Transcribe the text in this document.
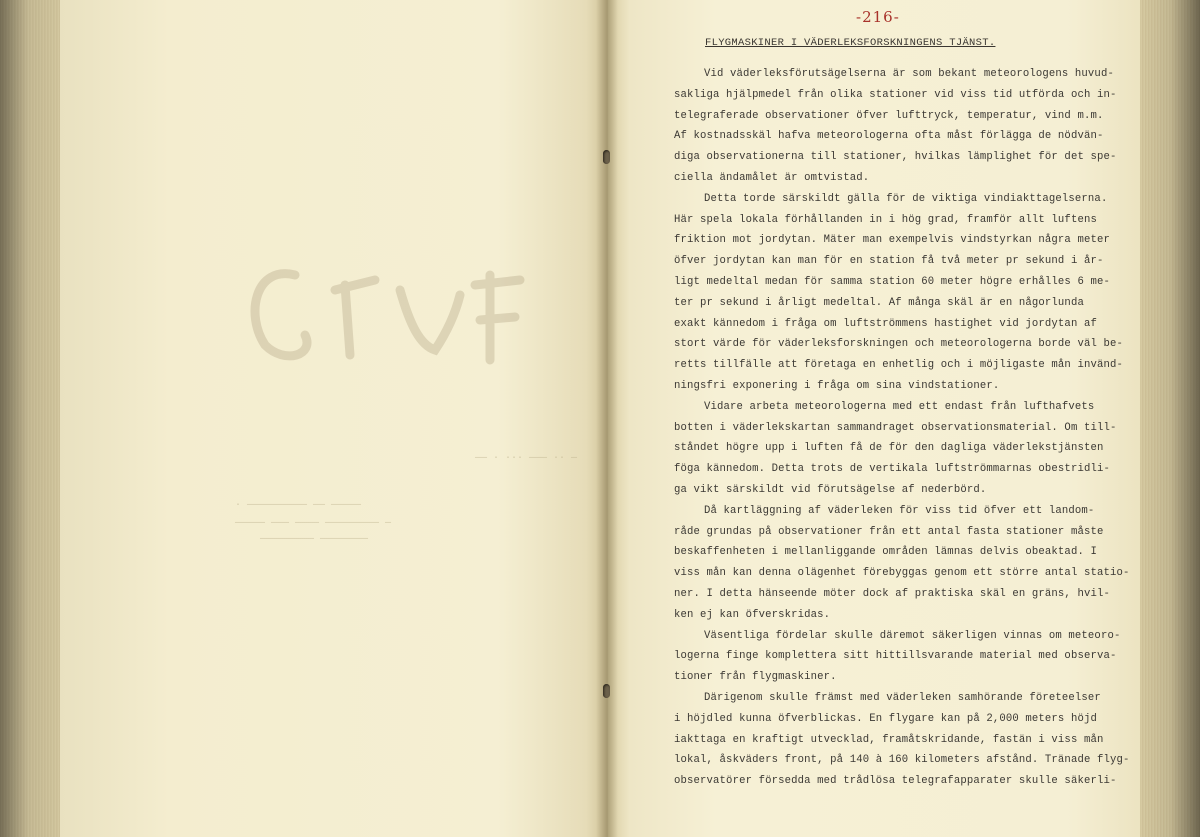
— ·· ——— ··· · ——
————— —— —————————— ·
— ————————— ———— ——— —————
———————— —————————
-216-
FLYGMASKINER I VÄDERLEKSFORSKNINGENS TJÄNST.
Vid väderleksförutsägelserna är som bekant meteorologens huvud-
sakliga hjälpmedel från olika stationer vid viss tid utförda och in-
telegraferade observationer öfver lufttryck, temperatur, vind m.m.
Af kostnadsskäl hafva meteorologerna ofta måst förlägga de nödvän-
diga observationerna till stationer, hvilkas lämplighet för det spe-
ciella ändamålet är omtvistad.
Detta torde särskildt gälla för de viktiga vindiakttagelserna.
Här spela lokala förhållanden in i hög grad, framför allt luftens
friktion mot jordytan. Mäter man exempelvis vindstyrkan några meter
öfver jordytan kan man för en station få två meter pr sekund i år-
ligt medeltal medan för samma station 60 meter högre erhålles 6 me-
ter pr sekund i årligt medeltal. Af många skäl är en någorlunda
exakt kännedom i fråga om luftströmmens hastighet vid jordytan af
stort värde för väderleksforskningen och meteorologerna borde väl be-
retts tillfälle att företaga en enhetlig och i möjligaste mån invänd-
ningsfri exponering i fråga om sina vindstationer.
Vidare arbeta meteorologerna med ett endast från lufthafvets
botten i väderlekskartan sammandraget observationsmaterial. Om till-
ståndet högre upp i luften få de för den dagliga väderlekstjänsten
föga kännedom. Detta trots de vertikala luftströmmarnas obestridli-
ga vikt särskildt vid förutsägelse af nederbörd.
Då kartläggning af väderleken för viss tid öfver ett landom-
råde grundas på observationer från ett antal fasta stationer måste
beskaffenheten i mellanliggande områden lämnas delvis obeaktad. I
viss mån kan denna olägenhet förebyggas genom ett större antal statio-
ner. I detta hänseende möter dock af praktiska skäl en gräns, hvil-
ken ej kan öfverskridas.
Väsentliga fördelar skulle däremot säkerligen vinnas om meteoro-
logerna finge komplettera sitt hittillsvarande material med observa-
tioner från flygmaskiner.
Därigenom skulle främst med väderleken samhörande företeelser
i höjdled kunna öfverblickas. En flygare kan på 2,000 meters höjd
iakttaga en kraftigt utvecklad, framåtskridande, fastän i viss mån
lokal, åskväders front, på 140 à 160 kilometers afstånd. Tränade flyg-
observatörer försedda med trådlösa telegrafapparater skulle säkerli-
